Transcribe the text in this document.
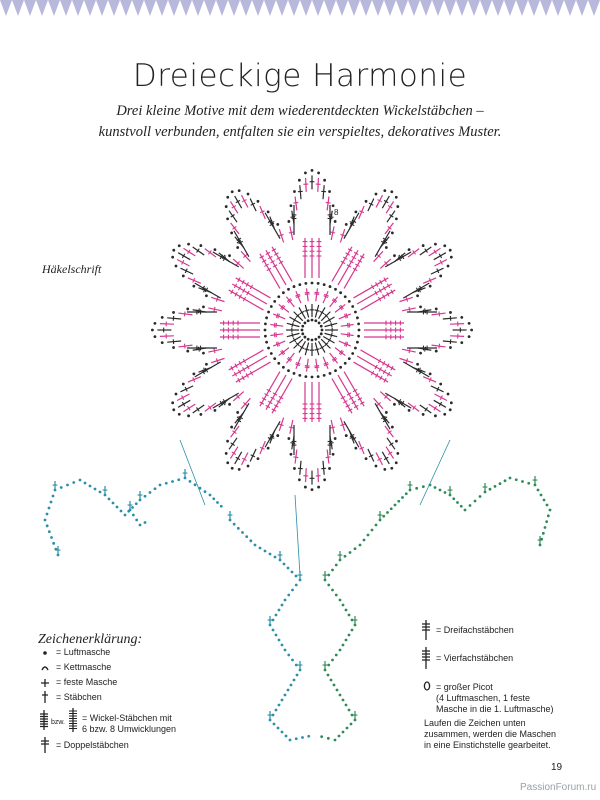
Dreieckige Harmonie
Drei kleine Motive mit dem wiederentdeckten Wickelstäbchen –
kunstvoll verbunden, entfalten sie ein verspieltes, dekoratives Muster.
Häkelschrift
8
Zeichenerklärung:
= Luftmasche
= Kettmasche
= feste Masche
= Stäbchen
bzw. = Wickel-Stäbchen mit
6 bzw. 8 Umwicklungen
= Doppelstäbchen
= Dreifachstäbchen
= Vierfachstäbchen
= großer Picot
(4 Luftmaschen, 1 feste
Masche in die 1. Luftmasche)
Laufen die Zeichen unten
zusammen, werden die Maschen
in eine Einstichstelle gearbeitet.
19
PassionForum.ru
